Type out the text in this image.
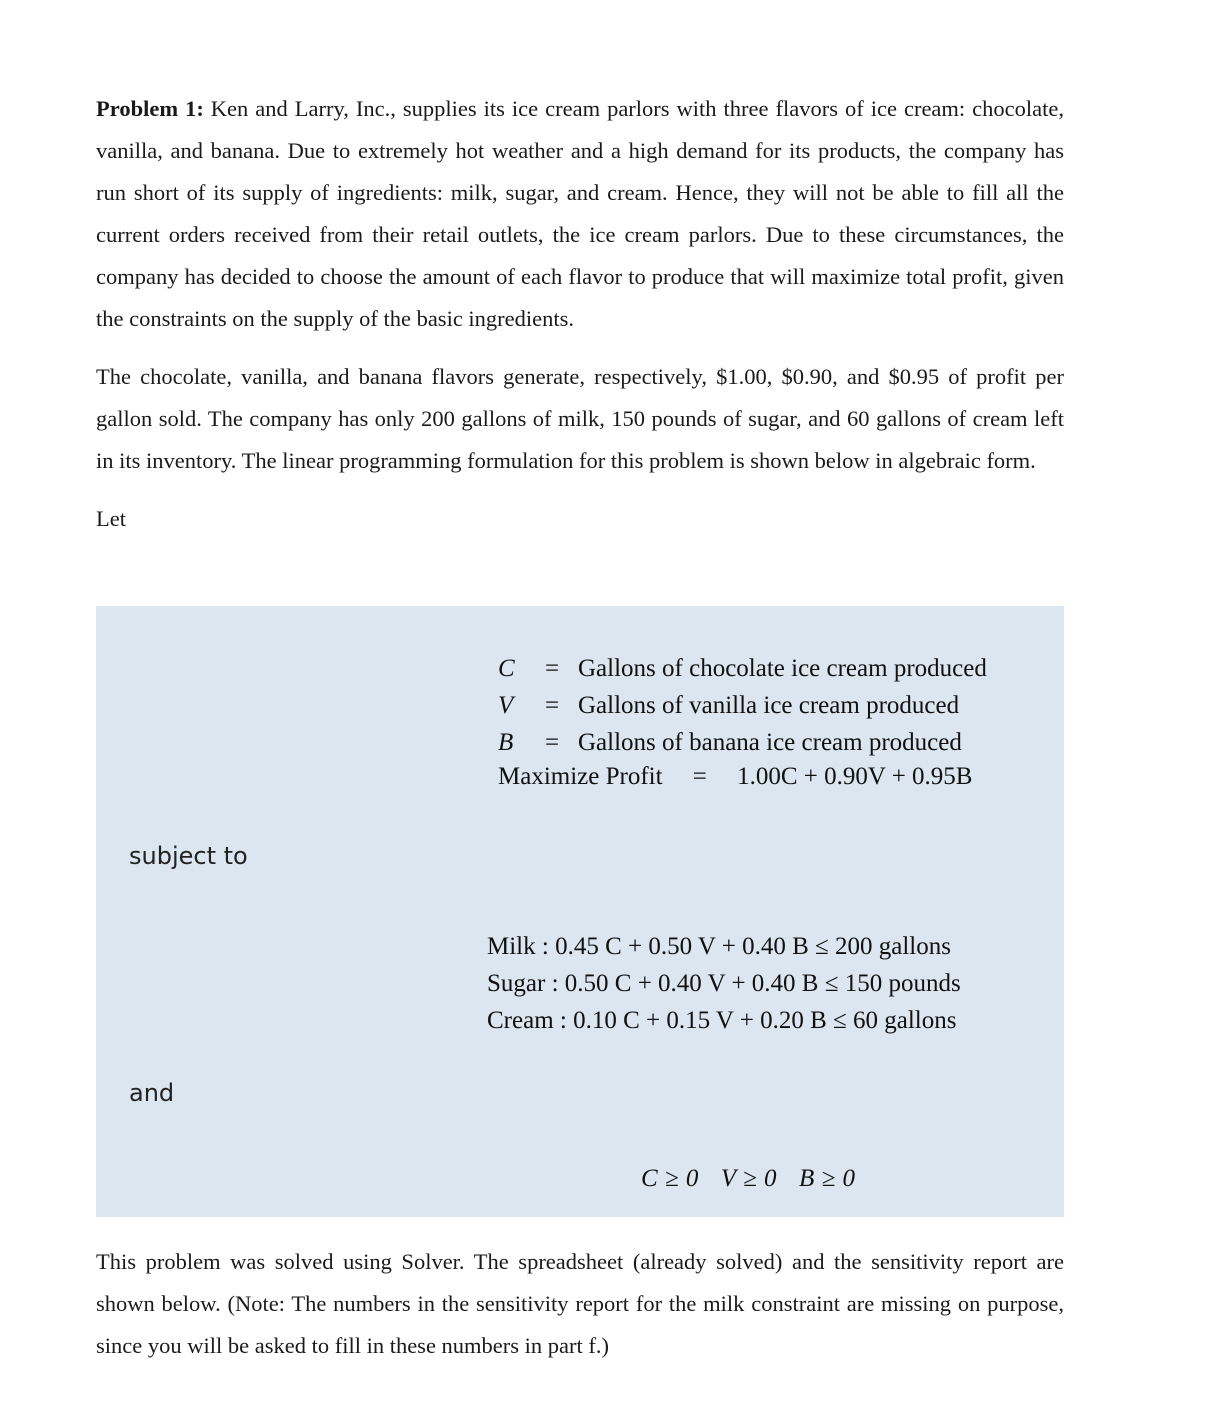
Problem 1: Ken and Larry, Inc., supplies its ice cream parlors with three flavors of ice cream: chocolate, vanilla, and banana. Due to extremely hot weather and a high demand for its products, the company has run short of its supply of ingredients: milk, sugar, and cream. Hence, they will not be able to fill all the current orders received from their retail outlets, the ice cream parlors. Due to these circumstances, the company has decided to choose the amount of each flavor to produce that will maximize total profit, given the constraints on the supply of the basic ingredients.

The chocolate, vanilla, and banana flavors generate, respectively, $1.00, $0.90, and $0.95 of profit per gallon sold. The company has only 200 gallons of milk, 150 pounds of sugar, and 60 gallons of cream left in its inventory. The linear programming formulation for this problem is shown below in algebraic form.

Let

C	=	Gallons of chocolate ice cream produced
V	=	Gallons of vanilla ice cream produced
B	=	Gallons of banana ice cream produced
Maximize Profit = 1.00C + 0.90V + 0.95B
subject to
Milk : 0.45 C + 0.50 V + 0.40 B ≤ 200 gallons
Sugar : 0.50 C + 0.40 V + 0.40 B ≤ 150 pounds
Cream : 0.10 C + 0.15 V + 0.20 B ≤ 60 gallons
and
C ≥ 0 V ≥ 0 B ≥ 0

This problem was solved using Solver. The spreadsheet (already solved) and the sensitivity report are shown below. (Note: The numbers in the sensitivity report for the milk constraint are missing on purpose, since you will be asked to fill in these numbers in part f.)
